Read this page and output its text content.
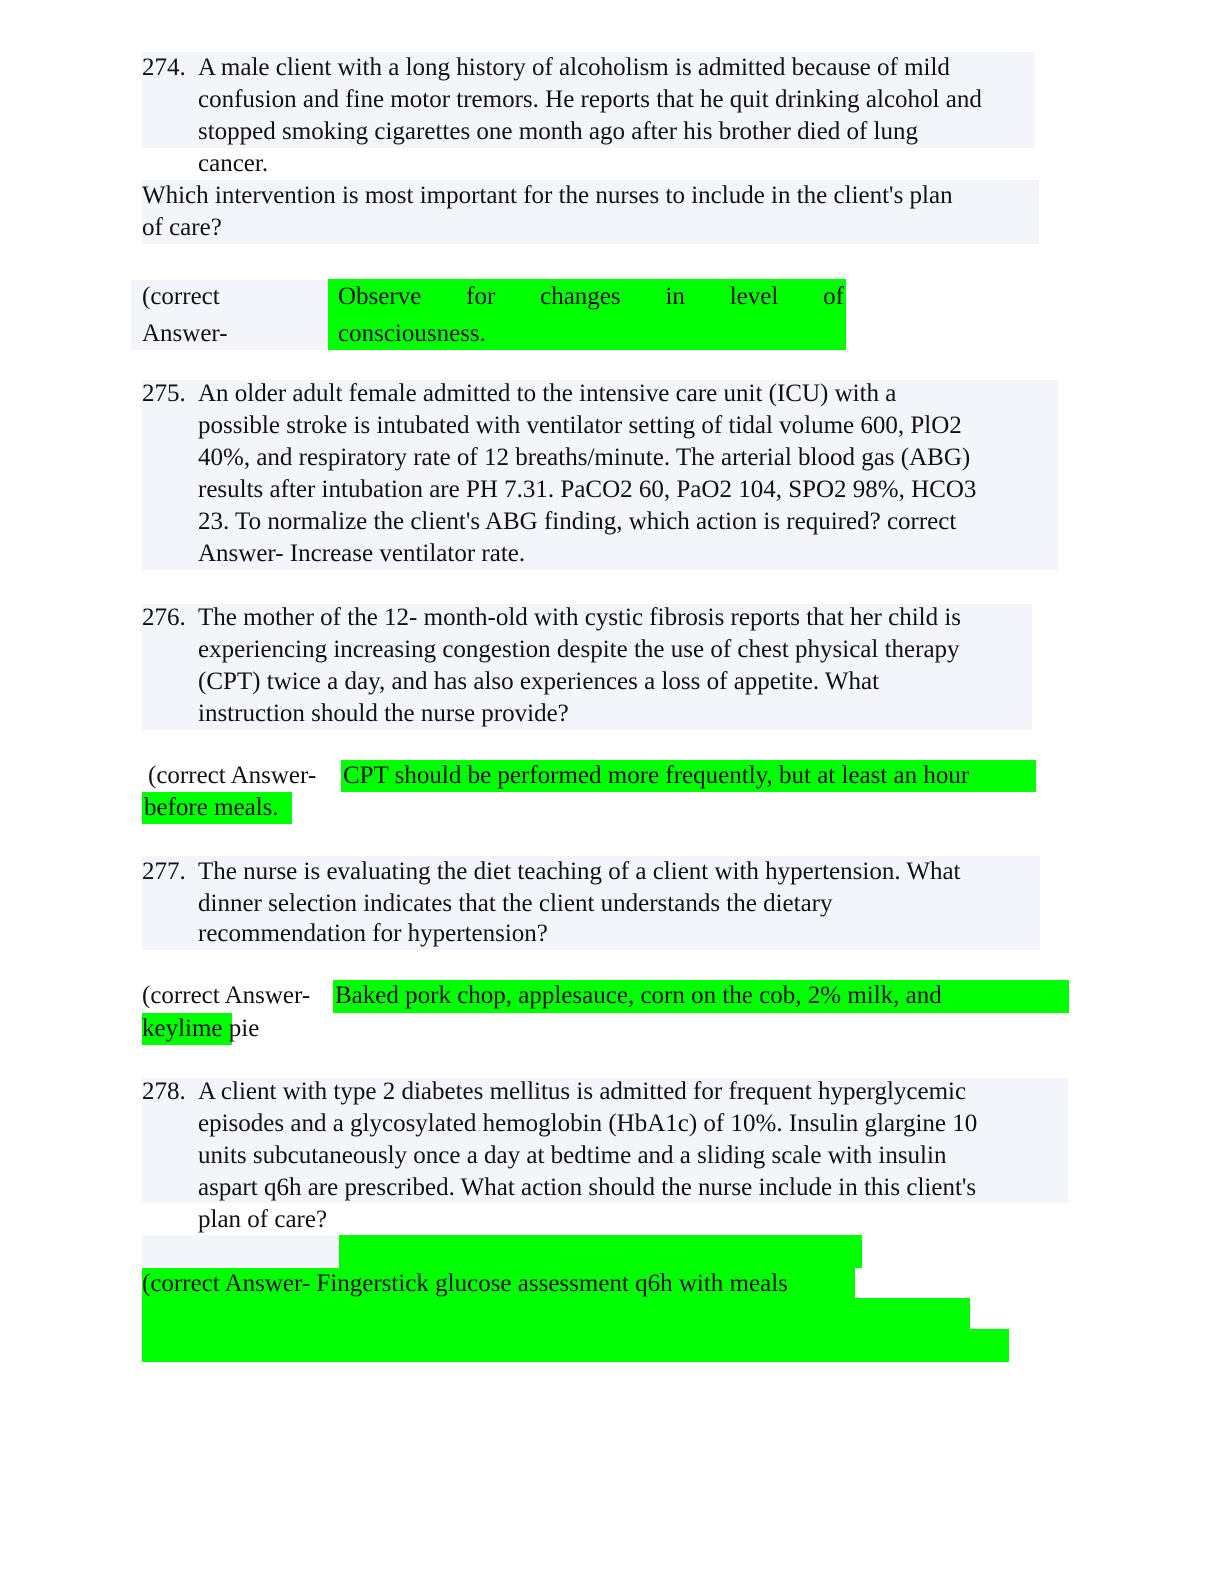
274. A male client with a long history of alcoholism is admitted because of mild
confusion and fine motor tremors. He reports that he quit drinking alcohol and
stopped smoking cigarettes one month ago after his brother died of lung
cancer.
Which intervention is most important for the nurses to include in the client's plan
of care?
(correct
Answer-
Observe for changes in level of
consciousness.
275. An older adult female admitted to the intensive care unit (ICU) with a
possible stroke is intubated with ventilator setting of tidal volume 600, PlO2
40%, and respiratory rate of 12 breaths/minute. The arterial blood gas (ABG)
results after intubation are PH 7.31. PaCO2 60, PaO2 104, SPO2 98%, HCO3
23. To normalize the client's ABG finding, which action is required? correct
Answer- Increase ventilator rate.
276. The mother of the 12- month-old with cystic fibrosis reports that her child is
experiencing increasing congestion despite the use of chest physical therapy
(CPT) twice a day, and has also experiences a loss of appetite. What
instruction should the nurse provide?
(correct Answer- CPT should be performed more frequently, but at least an hour
before meals.
277. The nurse is evaluating the diet teaching of a client with hypertension. What
dinner selection indicates that the client understands the dietary
recommendation for hypertension?
(correct Answer- Baked pork chop, applesauce, corn on the cob, 2% milk, and
keylime pie
278. A client with type 2 diabetes mellitus is admitted for frequent hyperglycemic
episodes and a glycosylated hemoglobin (HbA1c) of 10%. Insulin glargine 10
units subcutaneously once a day at bedtime and a sliding scale with insulin
aspart q6h are prescribed. What action should the nurse include in this client's
plan of care?
(correct Answer- Fingerstick glucose assessment q6h with meals
